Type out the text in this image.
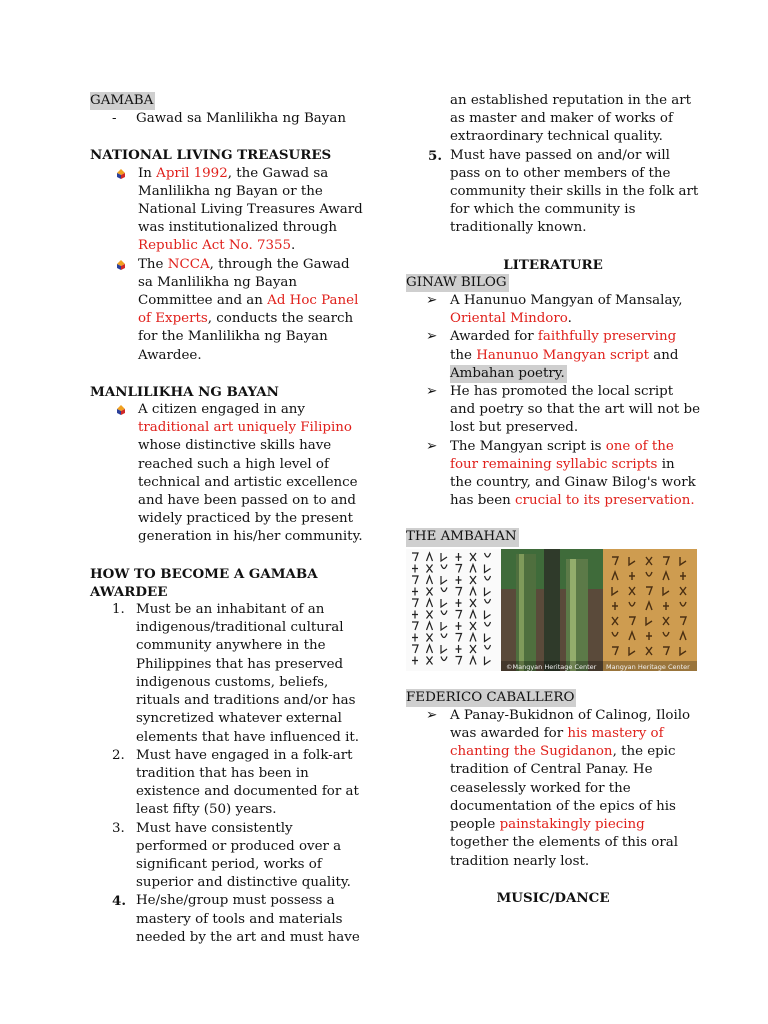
GAMABA
- Gawad sa Manlilikha ng Bayan
NATIONAL LIVING TREASURES
In April 1992, the Gawad sa Manlilikha ng Bayan or the National Living Treasures Award was institutionalized through Republic Act No. 7355.
The NCCA, through the Gawad sa Manlilikha ng Bayan Committee and an Ad Hoc Panel of Experts, conducts the search for the Manlilikha ng Bayan Awardee.
MANLILIKHA NG BAYAN
A citizen engaged in any traditional art uniquely Filipino whose distinctive skills have reached such a high level of technical and artistic excellence and have been passed on to and widely practiced by the present generation in his/her community.
HOW TO BECOME A GAMABA AWARDEE
1. Must be an inhabitant of an indigenous/traditional cultural community anywhere in the Philippines that has preserved indigenous customs, beliefs, rituals and traditions and/or has syncretized whatever external elements that have influenced it.
2. Must have engaged in a folk-art tradition that has been in existence and documented for at least fifty (50) years.
3. Must have consistently performed or produced over a significant period, works of superior and distinctive quality.
4. He/she/group must possess a mastery of tools and materials needed by the art and must have
an established reputation in the art as master and maker of works of extraordinary technical quality.
5. Must have passed on and/or will pass on to other members of the community their skills in the folk art for which the community is traditionally known.
LITERATURE
GINAW BILOG
➢ A Hanunuo Mangyan of Mansalay, Oriental Mindoro.
➢ Awarded for faithfully preserving the Hanunuo Mangyan script and Ambahan poetry.
➢ He has promoted the local script and poetry so that the art will not be lost but preserved.
➢ The Mangyan script is one of the four remaining syllabic scripts in the country, and Ginaw Bilog's work has been crucial to its preservation.
THE AMBAHAN
©Mangyan Heritage Center Mangyan Heritage Center
FEDERICO CABALLERO
➢ A Panay-Bukidnon of Calinog, Iloilo was awarded for his mastery of chanting the Sugidanon, the epic tradition of Central Panay. He ceaselessly worked for the documentation of the epics of his people painstakingly piecing together the elements of this oral tradition nearly lost.
MUSIC/DANCE
